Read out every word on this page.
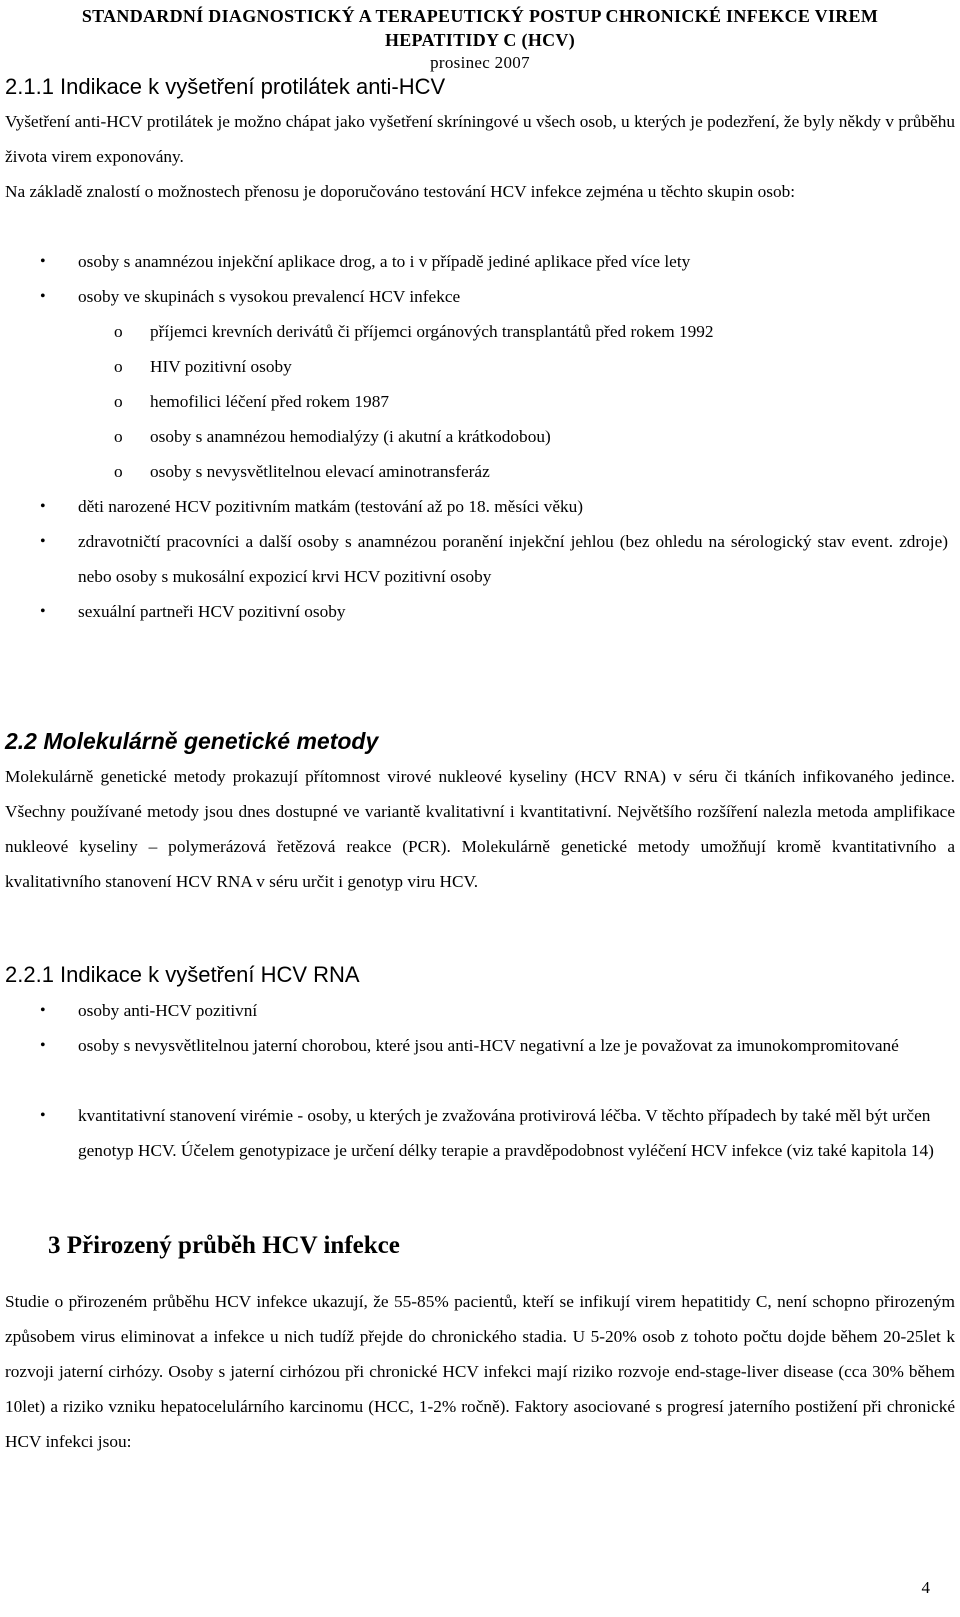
STANDARDNÍ DIAGNOSTICKÝ A TERAPEUTICKÝ POSTUP CHRONICKÉ INFEKCE VIREM
HEPATITIDY C (HCV)
prosinec 2007
2.1.1 Indikace k vyšetření protilátek anti-HCV
Vyšetření anti-HCV protilátek je možno chápat jako vyšetření skríningové u všech osob, u kterých je podezření, že byly někdy v průběhu života virem exponovány.
Na základě znalostí o možnostech přenosu je doporučováno testování HCV infekce zejména u těchto skupin osob:
• osoby s anamnézou injekční aplikace drog, a to i v případě jediné aplikace před více lety
• osoby ve skupinách s vysokou prevalencí HCV infekce
o příjemci krevních derivátů či příjemci orgánových transplantátů před rokem 1992
o HIV pozitivní osoby
o hemofilici léčení před rokem 1987
o osoby s anamnézou hemodialýzy (i akutní a krátkodobou)
o osoby s nevysvětlitelnou elevací aminotransferáz
• děti narozené HCV pozitivním matkám (testování až po 18. měsíci věku)
• zdravotničtí pracovníci a další osoby s anamnézou poranění injekční jehlou (bez ohledu na sérologický stav event. zdroje) nebo osoby s mukosální expozicí krvi HCV pozitivní osoby
• sexuální partneři HCV pozitivní osoby
2.2 Molekulárně genetické metody
Molekulárně genetické metody prokazují přítomnost virové nukleové kyseliny (HCV RNA) v séru či tkáních infikovaného jedince. Všechny používané metody jsou dnes dostupné ve variantě kvalitativní i kvantitativní. Největšího rozšíření nalezla metoda amplifikace nukleové kyseliny – polymerázová řetězová reakce (PCR). Molekulárně genetické metody umožňují kromě kvantitativního a kvalitativního stanovení HCV RNA v séru určit i genotyp viru HCV.
2.2.1 Indikace k vyšetření HCV RNA
• osoby anti-HCV pozitivní
• osoby s nevysvětlitelnou jaterní chorobou, které jsou anti-HCV negativní a lze je považovat za imunokompromitované
• kvantitativní stanovení virémie - osoby, u kterých je zvažována protivirová léčba. V těchto případech by také měl být určen genotyp HCV. Účelem genotypizace je určení délky terapie a pravděpodobnost vyléčení HCV infekce (viz také kapitola 14)
3 Přirozený průběh HCV infekce
Studie o přirozeném průběhu HCV infekce ukazují, že 55-85% pacientů, kteří se infikují virem hepatitidy C, není schopno přirozeným způsobem virus eliminovat a infekce u nich tudíž přejde do chronického stadia. U 5-20% osob z tohoto počtu dojde během 20-25let k rozvoji jaterní cirhózy. Osoby s jaterní cirhózou při chronické HCV infekci mají riziko rozvoje end-stage-liver disease (cca 30% během 10let) a riziko vzniku hepatocelulárního karcinomu (HCC, 1-2% ročně). Faktory asociované s progresí jaterního postižení při chronické HCV infekci jsou:
4
